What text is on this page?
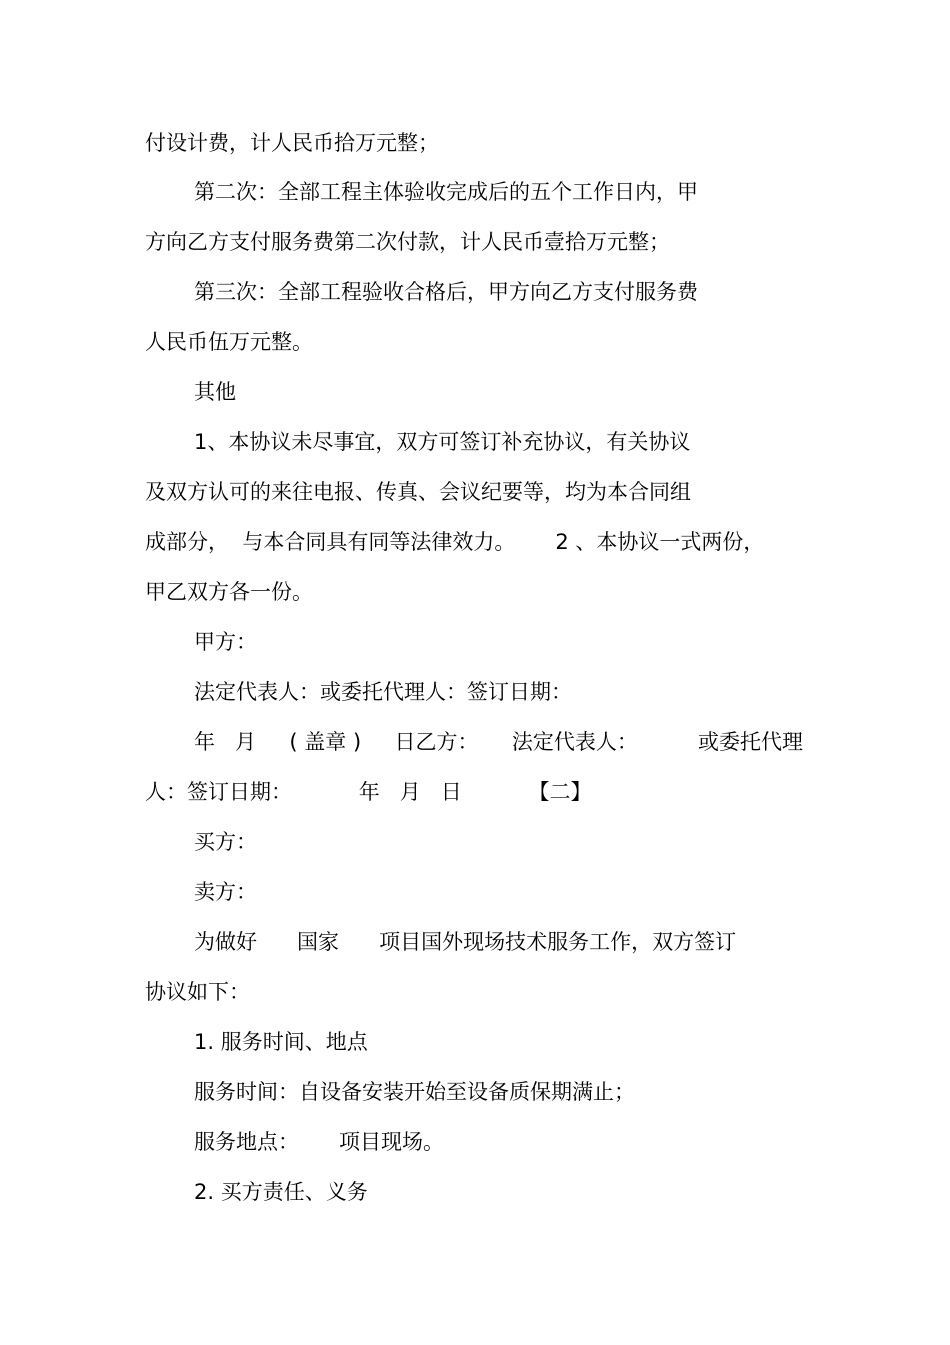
付设计费，计人民币拾万元整；
第二次：全部工程主体验收完成后的五个工作日内，甲
方向乙方支付服务费第二次付款，计人民币壹拾万元整；
第三次：全部工程验收合格后，甲方向乙方支付服务费
人民币伍万元整。
其他
1、本协议未尽事宜，双方可签订补充协议，有关协议
及双方认可的来往电报、传真、会议纪要等，均为本合同组
成部分，  与本合同具有同等法律效力。      2 、本协议一式两份，
甲乙双方各一份。
甲方：
法定代表人：或委托代理人：签订日期：
年   月     ( 盖章 )     日乙方：     法定代表人：         或委托代理
人：签订日期：          年   月   日          【二】
买方：
卖方：
为做好      国家      项目国外现场技术服务工作，双方签订
协议如下：
1. 服务时间、地点
服务时间：自设备安装开始至设备质保期满止；
服务地点：      项目现场。
2. 买方责任、义务
